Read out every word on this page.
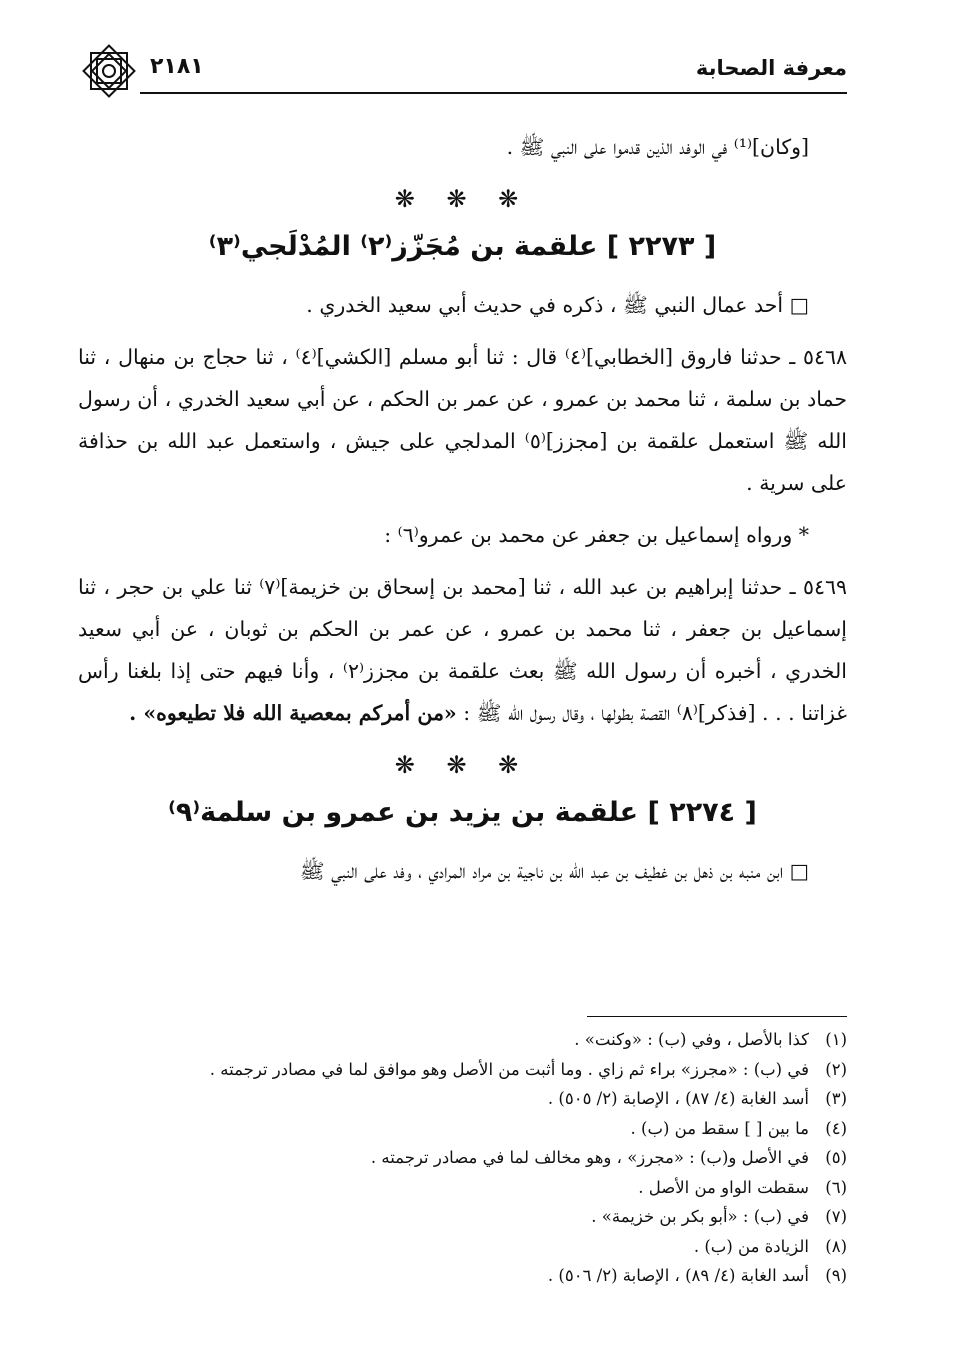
معرفة الصحابة
٢١٨١

[وكان]⁽¹⁾ في الوفد الذين قدموا على النبي ﷺ .

❋ ❋ ❋
[ ٢٢٧٣ ] علقمة بن مُجَزّز⁽٢⁾ المُدْلَجي⁽٣⁾

□ أحد عمال النبي ﷺ ، ذكره في حديث أبي سعيد الخدري .

٥٤٦٨ ـ حدثنا فاروق [الخطابي]⁽٤⁾ قال : ثنا أبو مسلم [الكشي]⁽٤⁾ ، ثنا حجاج بن منهال ، ثنا حماد بن سلمة ، ثنا محمد بن عمرو ، عن عمر بن الحكم ، عن أبي سعيد الخدري ، أن رسول الله ﷺ استعمل علقمة بن [مجزز]⁽٥⁾ المدلجي على جيش ، واستعمل عبد الله بن حذافة على سرية .

* ورواه إسماعيل بن جعفر عن محمد بن عمرو⁽٦⁾ :

٥٤٦٩ ـ حدثنا إبراهيم بن عبد الله ، ثنا [محمد بن إسحاق بن خزيمة]⁽٧⁾ ثنا علي بن حجر ، ثنا إسماعيل بن جعفر ، ثنا محمد بن عمرو ، عن عمر بن الحكم بن ثوبان ، عن أبي سعيد الخدري ، أخبره أن رسول الله ﷺ بعث علقمة بن مجزز⁽٢⁾ ، وأنا فيهم حتى إذا بلغنا رأس غزاتنا . . . [فذكر]⁽٨⁾ القصة بطولها ، وقال رسول الله ﷺ : «من أمركم بمعصية الله فلا تطيعوه» .

❋ ❋ ❋
[ ٢٢٧٤ ] علقمة بن يزيد بن عمرو بن سلمة⁽٩⁾

□ ابن منبه بن ذهل بن غطيف بن عبد الله بن ناجية بن مراد المرادي ، وفد على النبي ﷺ

(١)كذا بالأصل ، وفي (ب) : «وكنت» .
(٢)في (ب) : «مجرز» براء ثم زاي . وما أثبت من الأصل وهو موافق لما في مصادر ترجمته .
(٣)أسد الغابة (٤/ ٨٧) ، الإصابة (٢/ ٥٠٥) .
(٤)ما بين [ ] سقط من (ب) .
(٥)في الأصل و(ب) : «مجرز» ، وهو مخالف لما في مصادر ترجمته .
(٦)سقطت الواو من الأصل .
(٧)في (ب) : «أبو بكر بن خزيمة» .
(٨)الزيادة من (ب) .
(٩)أسد الغابة (٤/ ٨٩) ، الإصابة (٢/ ٥٠٦) .
